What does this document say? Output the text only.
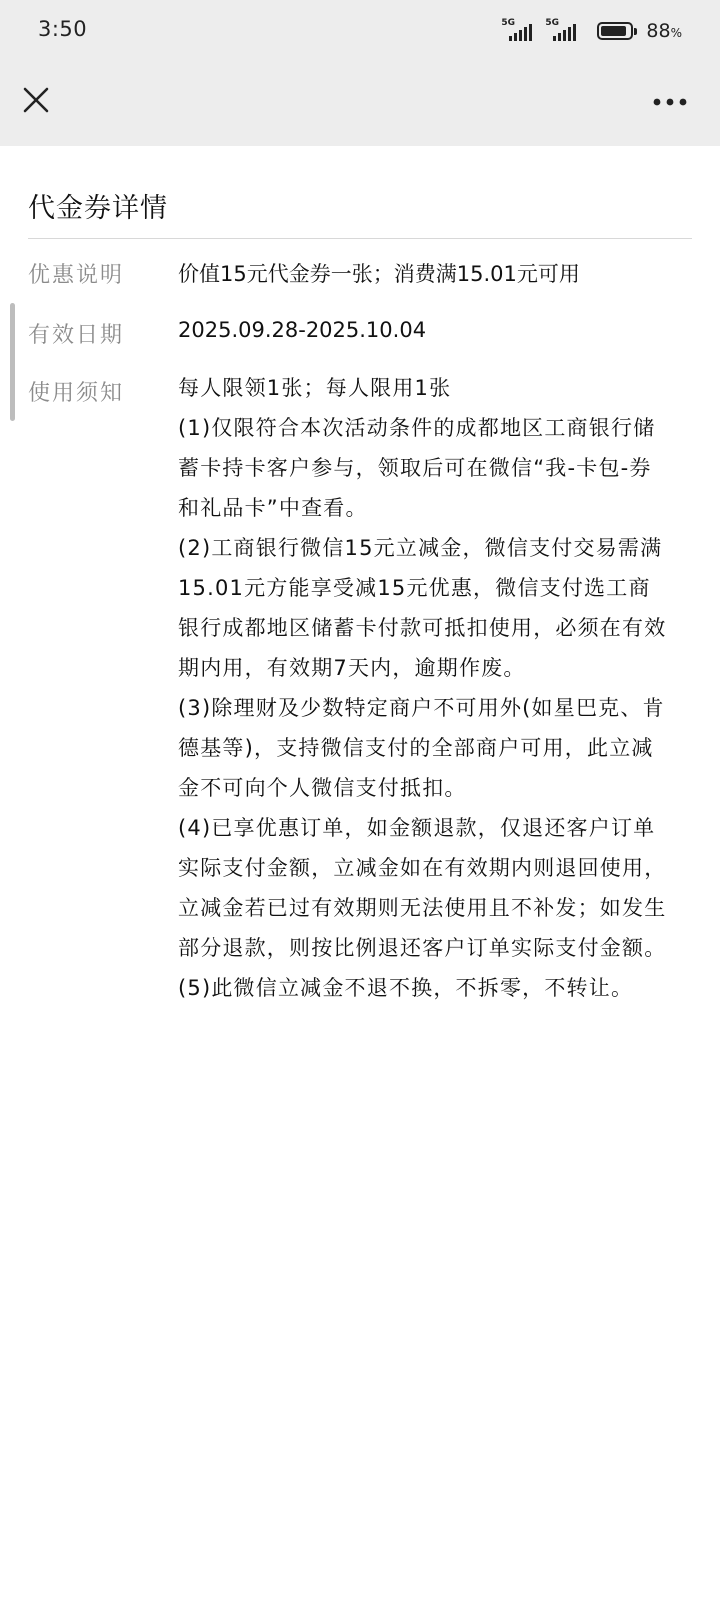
3:50	5G	5G	88%
代金券详情
优惠说明	价值15元代金券一张；消费满15.01元可用
有效日期	2025.09.28-2025.10.04
使用须知	每人限领1张；每人限用1张

(1)仅限符合本次活动条件的成都地区工商银行储蓄卡持卡客户参与，领取后可在微信“我-卡包-券和礼品卡”中查看。

(2)工商银行微信15元立减金，微信支付交易需满15.01元方能享受减15元优惠，微信支付选工商银行成都地区储蓄卡付款可抵扣使用，必须在有效期内用，有效期7天内，逾期作废。

(3)除理财及少数特定商户不可用外(如星巴克、肯德基等)，支持微信支付的全部商户可用，此立减金不可向个人微信支付抵扣。

(4)已享优惠订单，如金额退款，仅退还客户订单实际支付金额，立减金如在有效期内则退回使用，立减金若已过有效期则无法使用且不补发；如发生部分退款，则按比例退还客户订单实际支付金额。

(5)此微信立减金不退不换，不拆零，不转让。
